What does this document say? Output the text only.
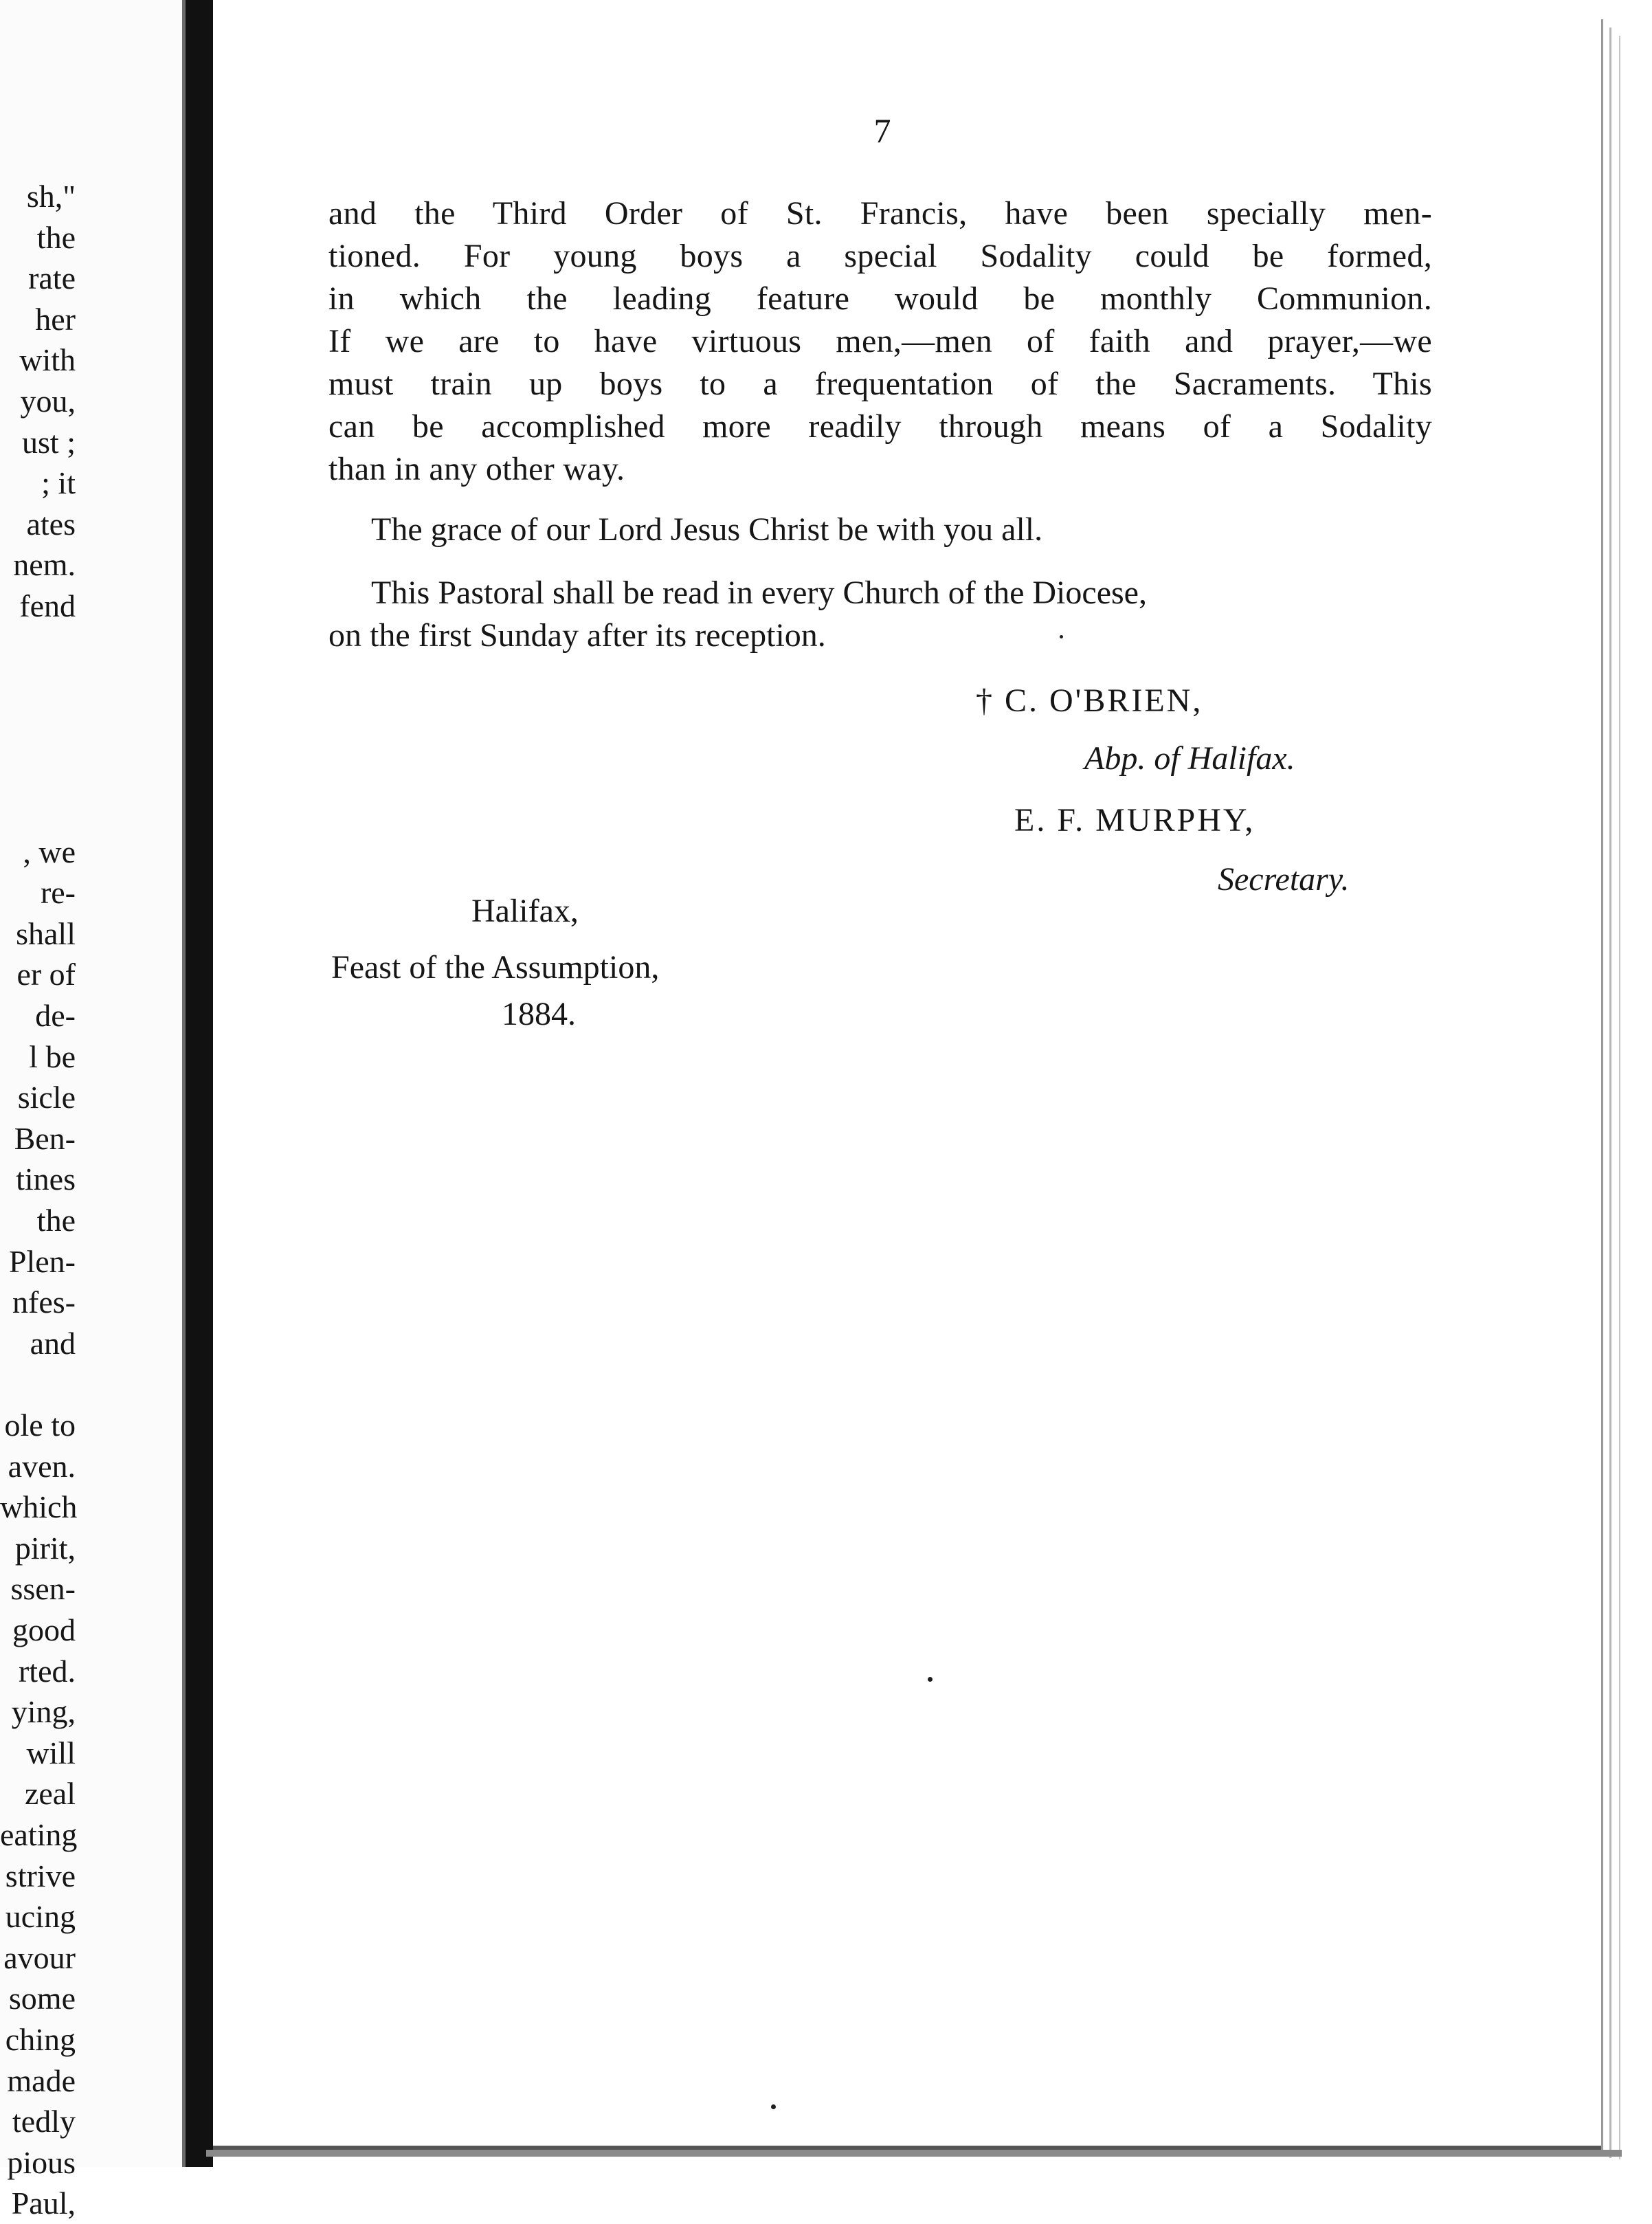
sh,"
the
rate
her
with
you,
ust ;
; it
ates
nem.
fend
, we
re-
shall
er of
de-
l be
sicle
Ben-
tines
the
Plen-
nfes-
and
ole to
aven.
which
pirit,
ssen-
good
rted.
ying,
will
zeal
eating
strive
ucing
avour
some
ching
made
tedly
pious
Paul,
7
and the Third Order of St. Francis, have been specially men-
tioned. For young boys a special Sodality could be formed,
in which the leading feature would be monthly Communion.
If we are to have virtuous men,—men of faith and prayer,—we
must train up boys to a frequentation of the Sacraments. This
can be accomplished more readily through means of a Sodality
than in any other way.
The grace of our Lord Jesus Christ be with you all.
This Pastoral shall be read in every Church of the Diocese,
on the first Sunday after its reception.
† C. O'BRIEN,
Abp. of Halifax.
E. F. MURPHY,
Secretary.
Halifax,
Feast of the Assumption,
1884.
